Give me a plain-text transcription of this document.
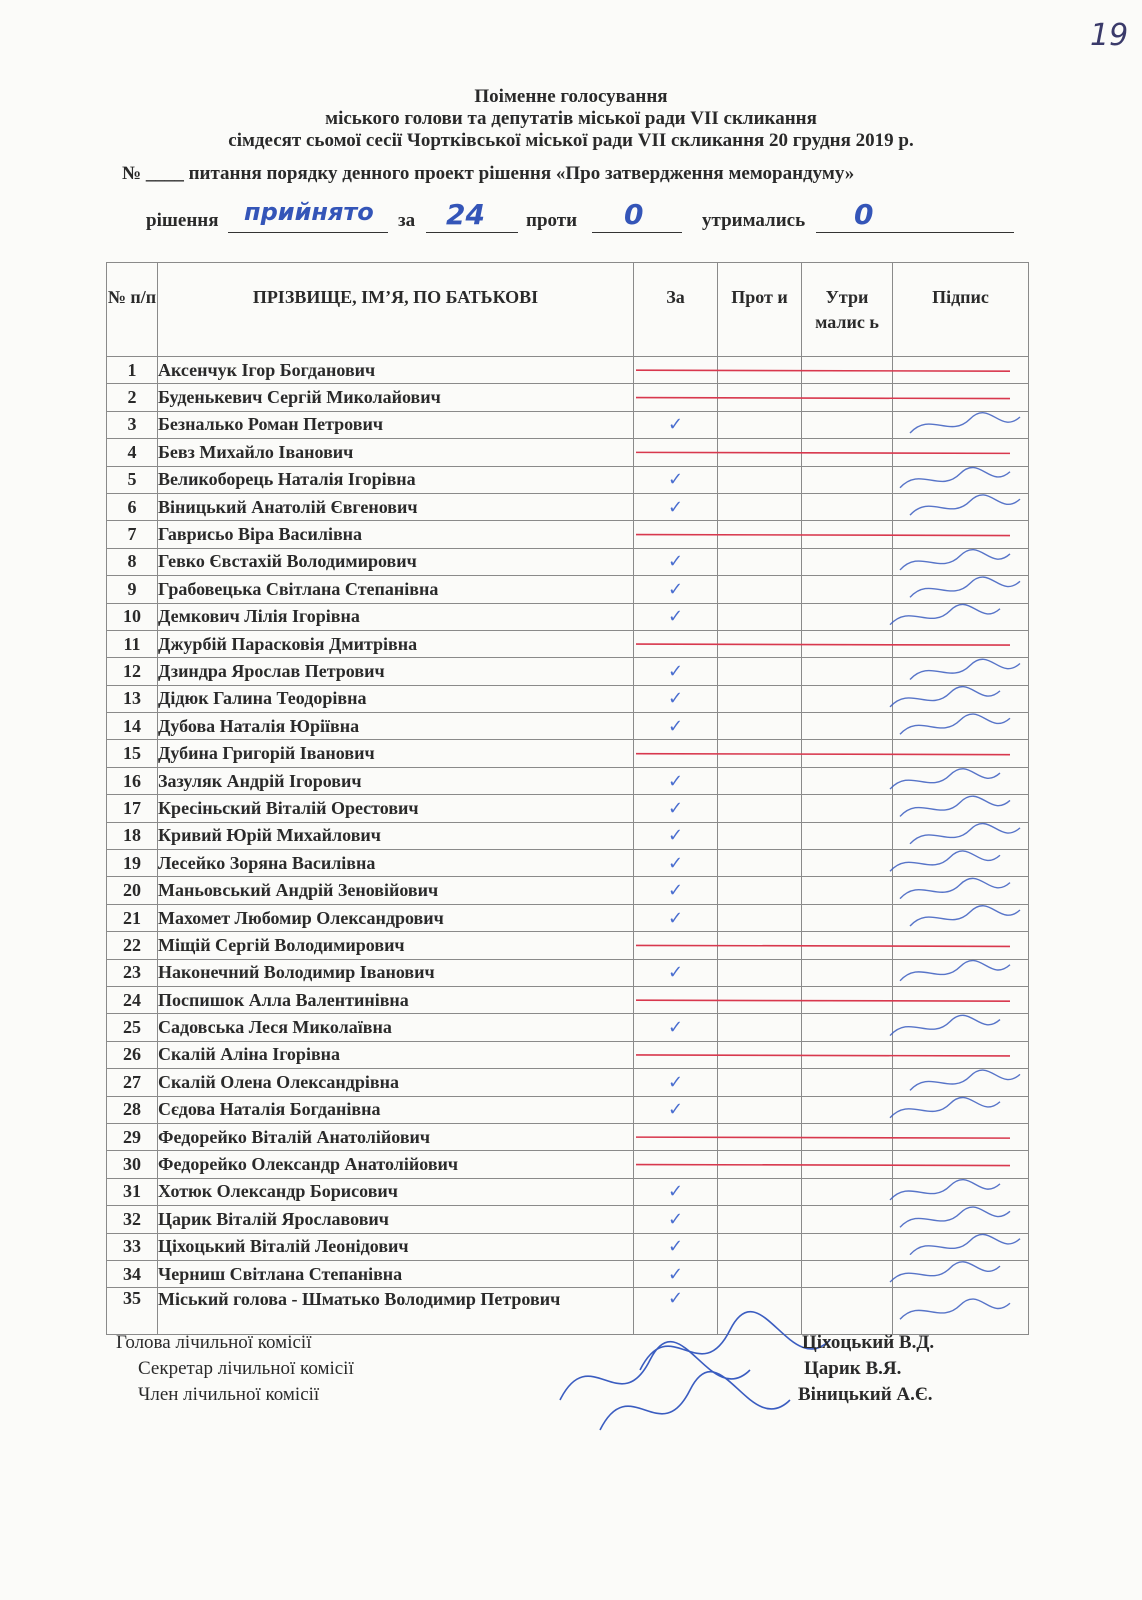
19
Поіменне голосування
міського голови та депутатів міської ради VII скликання
сімдесят сьомої сесії Чортківської міської ради VII скликання 20 грудня 2019 р.
№ ____ питання порядку денного проект рішення «Про затвердження меморандуму»
рішення прийнято за 24 проти 0	утримались 0
№ п/п	ПРІЗВИЩЕ, ІМ’Я, ПО БАТЬКОВІ	За	Прот и	Утри малис ь	Підпис
1	Аксенчук Ігор Богданович				
2	Буденькевич Сергій Миколайович				
3	Безналько Роман Петрович	✓			
4	Бевз Михайло Іванович				
5	Великоборець Наталія Ігорівна	✓			
6	Віницький Анатолій Євгенович	✓			
7	Гаврисьо Віра Василівна				
8	Гевко Євстахій Володимирович	✓			
9	Грабовецька Світлана Степанівна	✓			
10	Демкович Лілія Ігорівна	✓			
11	Джурбій Парасковія Дмитрівна				
12	Дзиндра Ярослав Петрович	✓			
13	Дідюк Галина Теодорівна	✓			
14	Дубова Наталія Юріївна	✓			
15	Дубина Григорій Іванович				
16	Зазуляк Андрій Ігорович	✓			
17	Кресіньский Віталій Орестович	✓			
18	Кривий Юрій Михайлович	✓			
19	Лесейко Зоряна Василівна	✓			
20	Маньовський Андрій Зеновійович	✓			
21	Махомет Любомир Олександрович	✓			
22	Міщій Сергій Володимирович				
23	Наконечний Володимир Іванович	✓			
24	Поспишок Алла Валентинівна				
25	Садовська Леся Миколаївна	✓			
26	Скалій Аліна Ігорівна				
27	Скалій Олена Олександрівна	✓			
28	Сєдова Наталія Богданівна	✓			
29	Федорейко Віталій Анатолійович				
30	Федорейко Олександр Анатолійович				
31	Хотюк Олександр Борисович	✓			
32	Царик Віталій Ярославович	✓			
33	Ціхоцький Віталій Леонідович	✓			
34	Черниш Світлана Степанівна	✓			
35	Міський голова - Шматько Володимир Петрович	✓			
Голова лічильної комісії
Секретар лічильної комісії
Член лічильної комісії
Ціхоцький В.Д.
Царик В.Я.
Віницький А.Є.
